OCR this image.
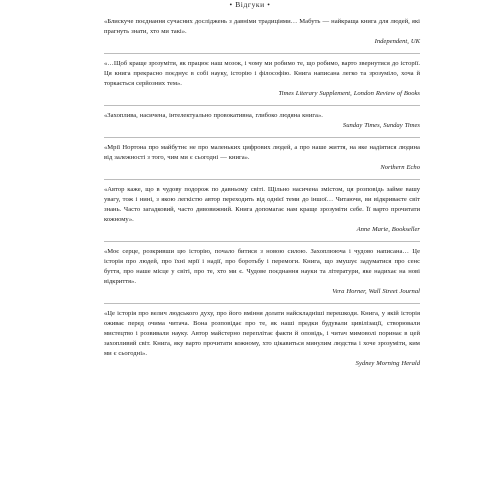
• Відгуки •

«Блискуче поєднання сучасних досліджень з давніми традиціями… Мабуть — найкраща книга для людей, які прагнуть знати, хто ми такі».

Independent, UK

«…Щоб краще зрозуміти, як працює наш мозок, і чому ми робимо те, що робимо, варто звернутися до історії. Ця книга прекрасно поєднує в собі науку, історію і філософію. Книга написана легко та зрозуміло, хоча й торкається серйозних тем».

Times Literary Supplement, London Review of Books

«Захоплива, насичена, інтелектуально провокативна, глибоко людяна книга».

Sunday Times, Sunday Times

«Мрії Нортона про майбутнє не про маленьких цифрових людей, а про наше життя, на яке надіятися людина від залежності з того, чим ми є сьогодні — книга».

Northern Echo

«Автор каже, що в чудову подорож по давньому світі. Щільно насичена змістом, ця розповідь займе вашу увагу, тож і нині, з якою легкістю автор переходить від однієї теми до іншої… Читаючи, ви відкриваєте світ знань. Часто загадковий, часто дивовижний. Книга допомагає нам краще зрозуміти себе. Її варто прочитати кожному».

Anne Marie, Bookseller

«Моє серце, розкривши цю історію, почало битися з новою силою. Захоплююча і чудово написана… Це історія про людей, про їхні мрії і надії, про боротьбу і перемоги. Книга, що змушує задуматися про сенс буття, про наше місце у світі, про те, хто ми є. Чудове поєднання науки та літератури, яке надихає на нові відкриття».

Vera Horner, Wall Street Journal

«Це історія про велич людського духу, про його вміння долати найскладніші перешкоди. Книга, у якій історія оживає перед очима читача. Вона розповідає про те, як наші предки будували цивілізації, створювали мистецтво і розвивали науку. Автор майстерно переплітає факти й оповідь, і читач мимоволі поринає в цей захопливий світ. Книга, яку варто прочитати кожному, хто цікавиться минулим людства і хоче зрозуміти, ким ми є сьогодні».

Sydney Morning Herald
